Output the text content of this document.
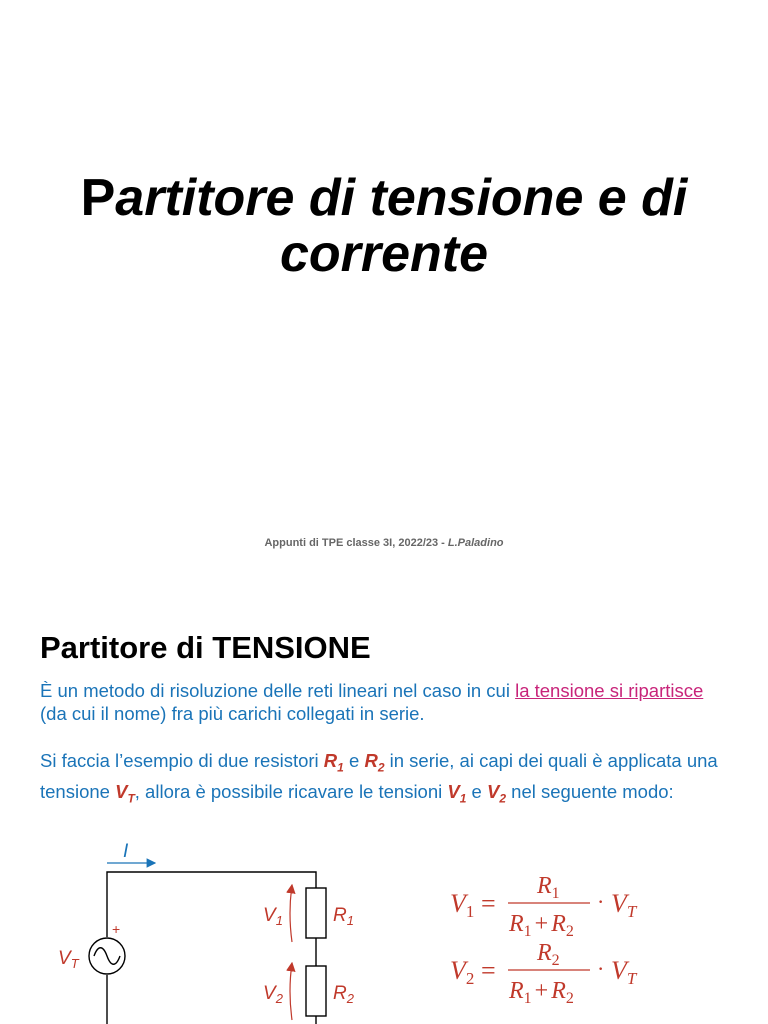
Partitore di tensione e di corrente
Appunti di TPE classe 3I, 2022/23 - L.Paladino
Partitore di TENSIONE

È un metodo di risoluzione delle reti lineari nel caso in cui la tensione si ripartisce (da cui il nome) fra più carichi collegati in serie.

Si faccia l’esempio di due resistori $R_1$ e $R_2$ in serie, ai capi dei quali è applicata una tensione $V_T$, allora è possibile ricavare le tensioni $V_1$ e $V_2$ nel seguente modo:

I
+
$V_T$
$V_1$	$R_1$
$V_2$	$R_2$
V1 =
$R_1$
$R_1 + R_2$
· VT
V2 =
$R_2$
$R_1 + R_2$
· VT
